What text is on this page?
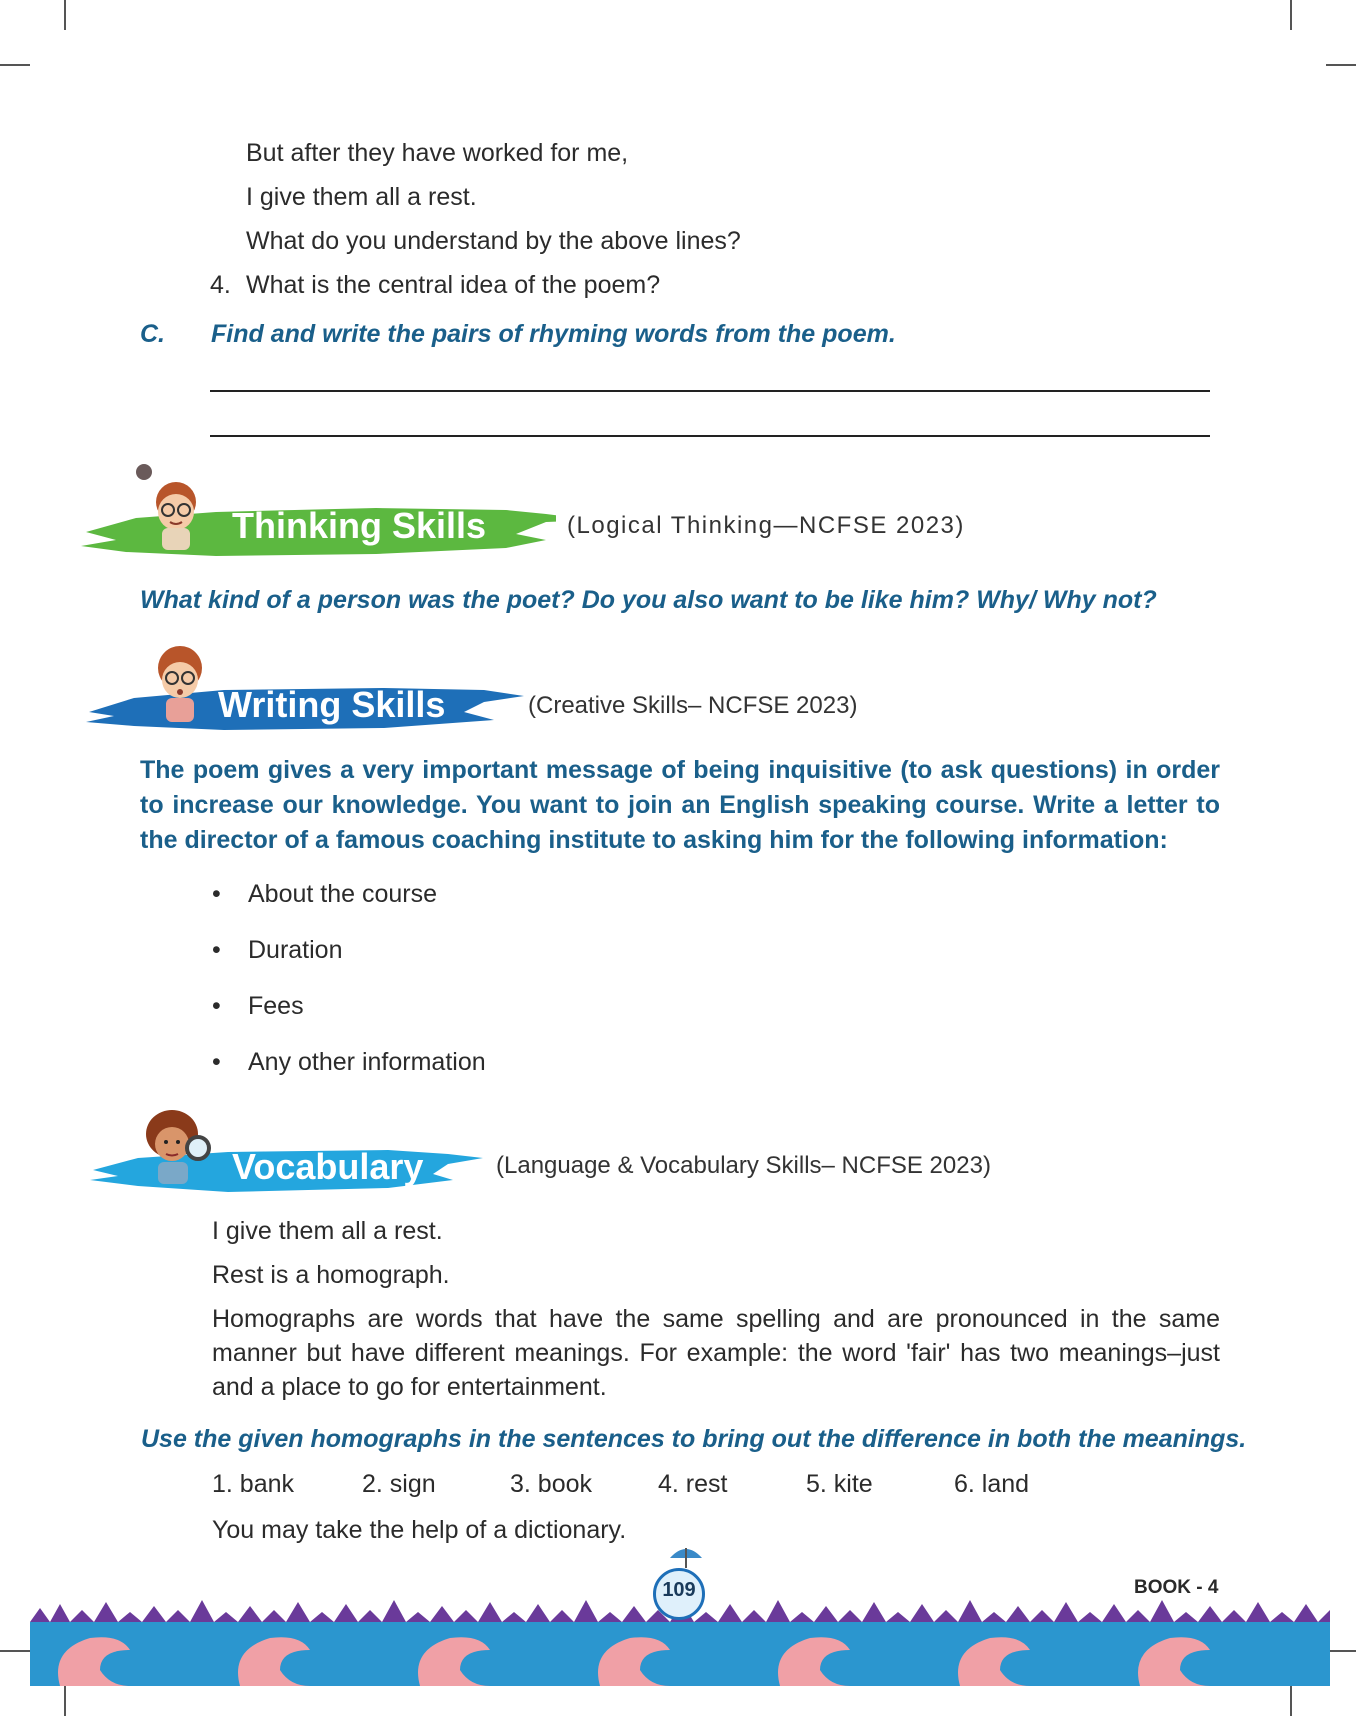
But after they have worked for me,
I give them all a rest.
What do you understand by the above lines?
4. What is the central idea of the poem?
C. Find and write the pairs of rhyming words from the poem.
Thinking Skills	(Logical Thinking—NCFSE 2023)
What kind of a person was the poet? Do you also want to be like him? Why/ Why not?
Writing Skills	(Creative Skills– NCFSE 2023)
The poem gives a very important message of being inquisitive (to ask questions) in order to increase our knowledge. You want to join an English speaking course. Write a letter to the director of a famous coaching institute to asking him for the following information:
• About the course
• Duration
• Fees
• Any other information
Vocabulary	(Language & Vocabulary Skills– NCFSE 2023)
I give them all a rest.
Rest is a homograph.
Homographs are words that have the same spelling and are pronounced in the same manner but have different meanings. For example: the word 'fair' has two meanings–just and a place to go for entertainment.
Use the given homographs in the sentences to bring out the difference in both the meanings.
1. bank	2. sign	3. book	4. rest	5. kite	6. land
You may take the help of a dictionary.
109	BOOK - 4
